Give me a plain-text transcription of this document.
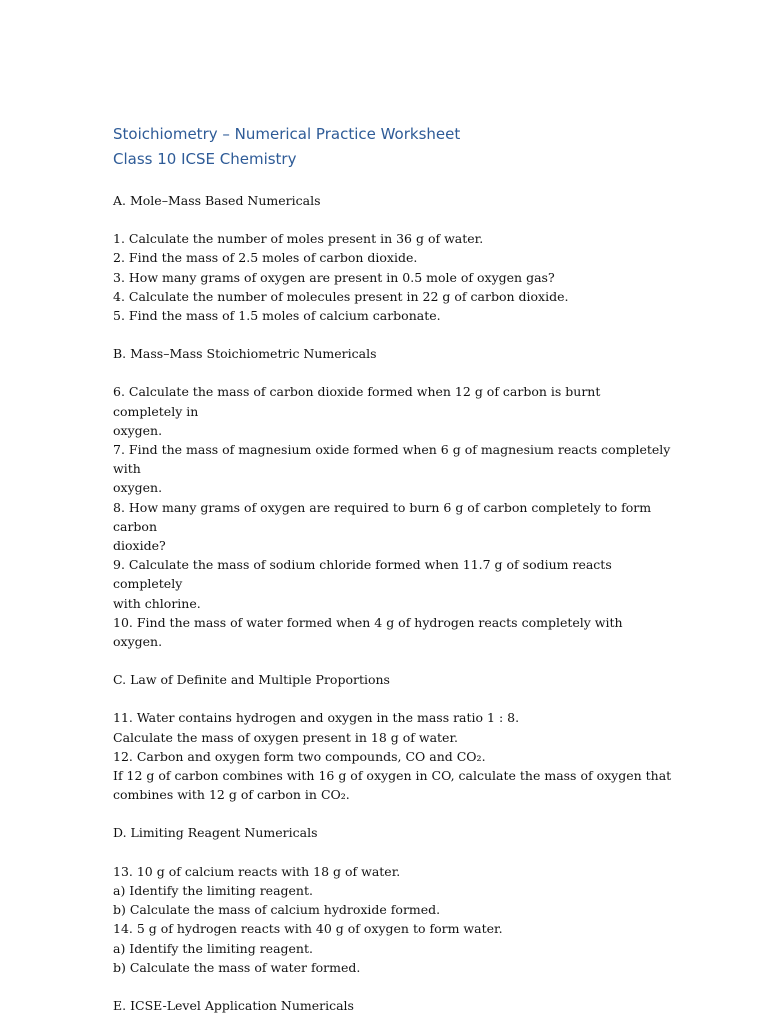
Stoichiometry – Numerical Practice Worksheet

Class 10 ICSE Chemistry

A. Mole–Mass Based Numericals

1. Calculate the number of moles present in 36 g of water.
2. Find the mass of 2.5 moles of carbon dioxide.
3. How many grams of oxygen are present in 0.5 mole of oxygen gas?
4. Calculate the number of molecules present in 22 g of carbon dioxide.
5. Find the mass of 1.5 moles of calcium carbonate.

B. Mass–Mass Stoichiometric Numericals

6. Calculate the mass of carbon dioxide formed when 12 g of carbon is burnt completely in
oxygen.
7. Find the mass of magnesium oxide formed when 6 g of magnesium reacts completely with
oxygen.
8. How many grams of oxygen are required to burn 6 g of carbon completely to form carbon
dioxide?
9. Calculate the mass of sodium chloride formed when 11.7 g of sodium reacts completely
with chlorine.
10. Find the mass of water formed when 4 g of hydrogen reacts completely with oxygen.

C. Law of Definite and Multiple Proportions

11. Water contains hydrogen and oxygen in the mass ratio 1 : 8.
Calculate the mass of oxygen present in 18 g of water.
12. Carbon and oxygen form two compounds, CO and CO₂.
If 12 g of carbon combines with 16 g of oxygen in CO, calculate the mass of oxygen that
combines with 12 g of carbon in CO₂.

D. Limiting Reagent Numericals

13. 10 g of calcium reacts with 18 g of water.
a) Identify the limiting reagent.
b) Calculate the mass of calcium hydroxide formed.
14. 5 g of hydrogen reacts with 40 g of oxygen to form water.
a) Identify the limiting reagent.
b) Calculate the mass of water formed.

E. ICSE-Level Application Numericals
